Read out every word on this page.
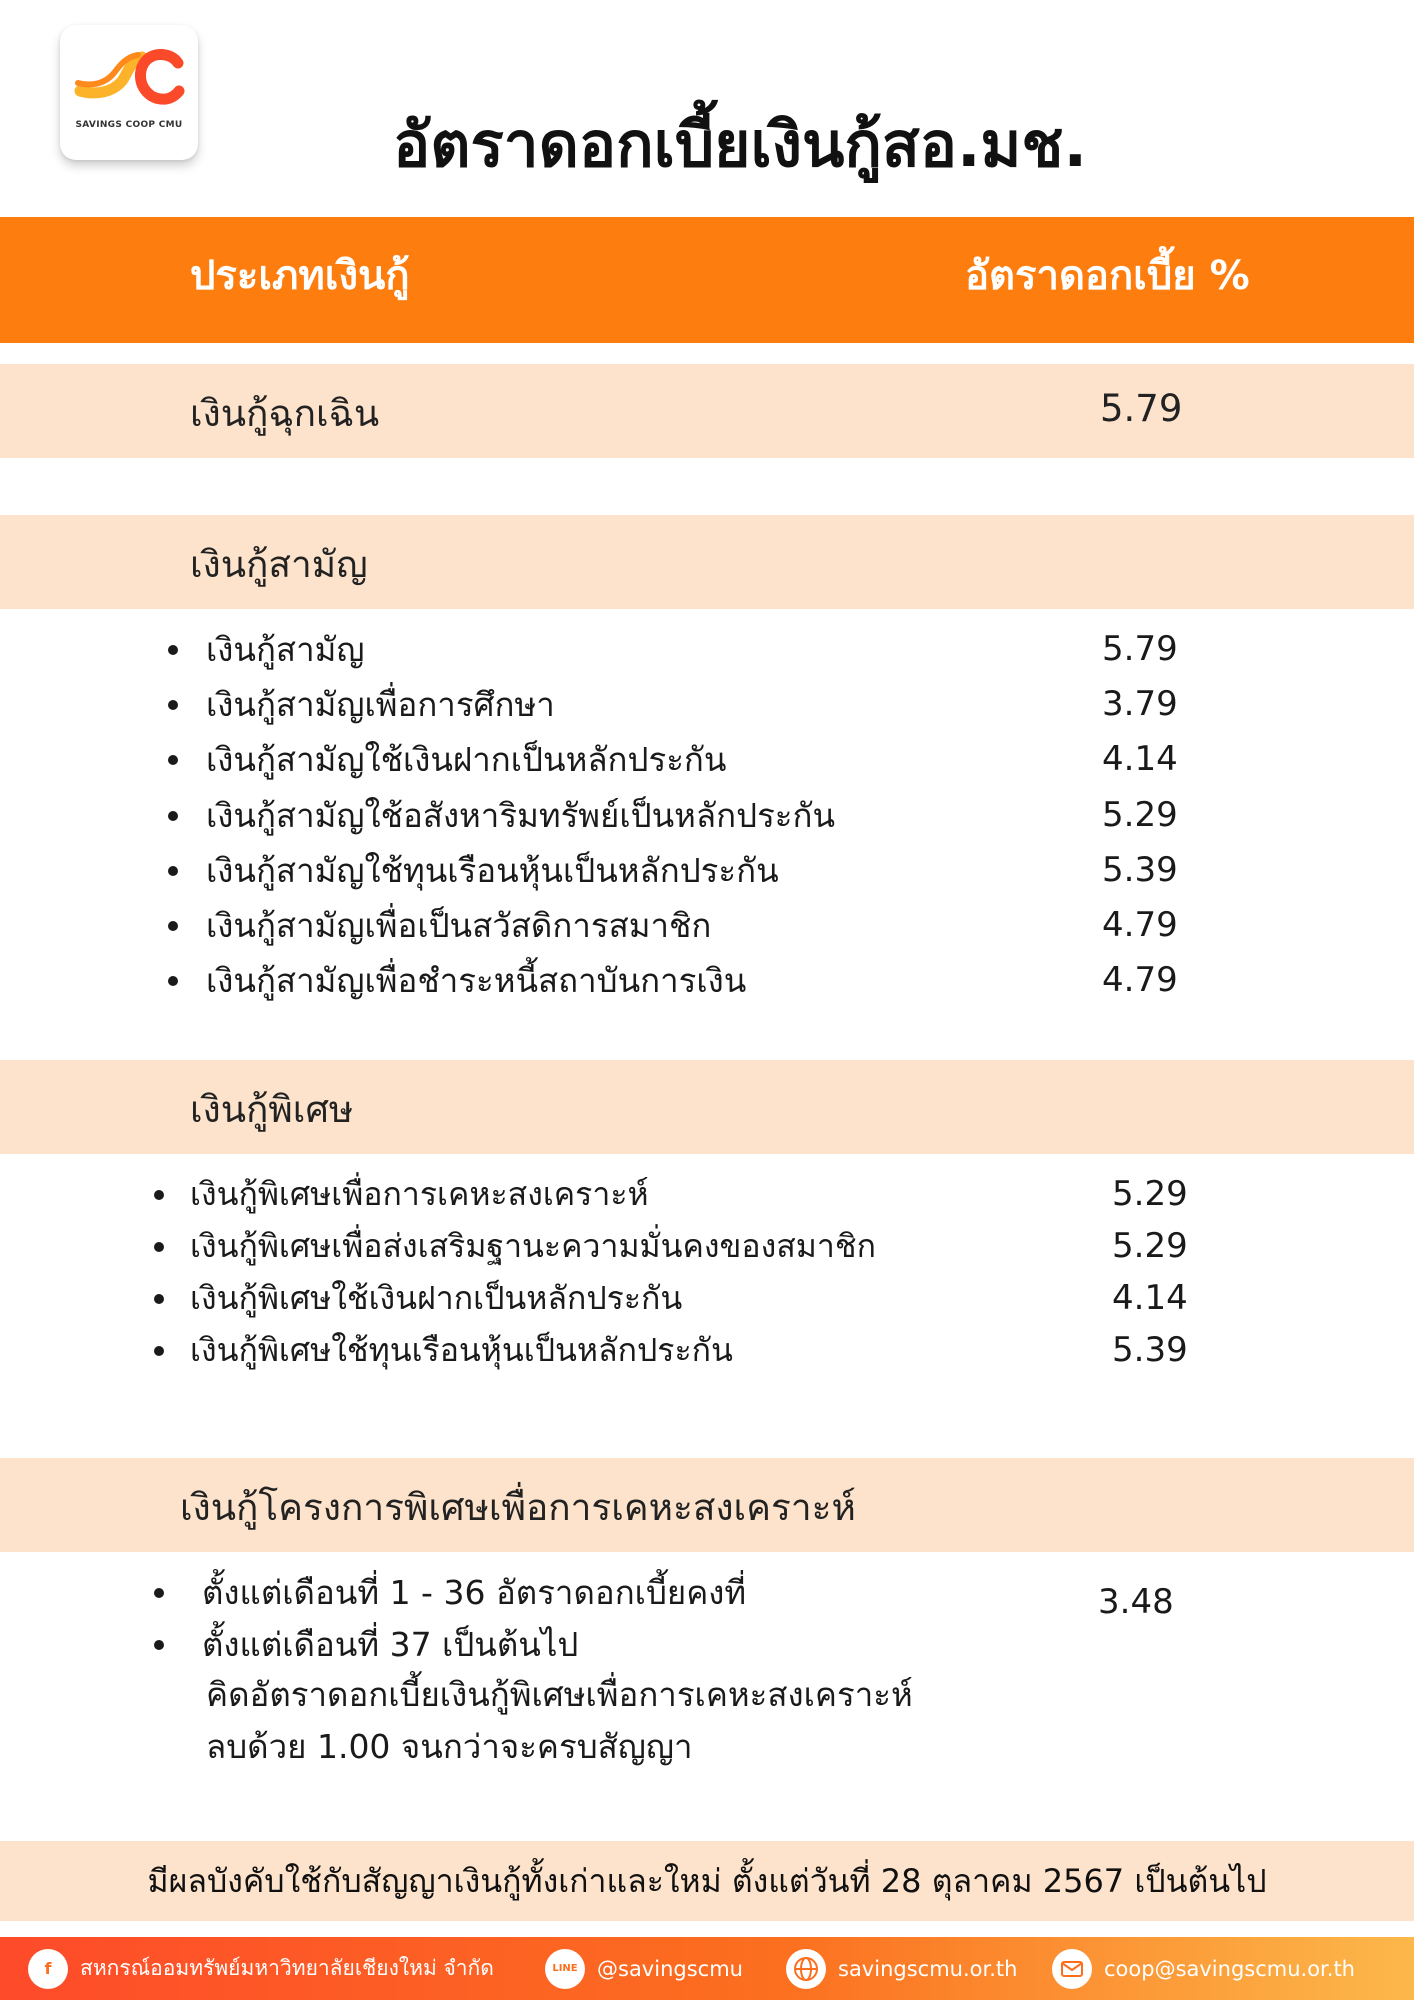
SAVINGS COOP CMU	อัตราดอกเบี้ยเงินกู้สอ.มช.
ประเภทเงินกู้	อัตราดอกเบี้ย %
เงินกู้ฉุกเฉิน	5.79
เงินกู้สามัญ
เงินกู้สามัญ	5.79
เงินกู้สามัญเพื่อการศึกษา	3.79
เงินกู้สามัญใช้เงินฝากเป็นหลักประกัน	4.14
เงินกู้สามัญใช้อสังหาริมทรัพย์เป็นหลักประกัน	5.29
เงินกู้สามัญใช้ทุนเรือนหุ้นเป็นหลักประกัน	5.39
เงินกู้สามัญเพื่อเป็นสวัสดิการสมาชิก	4.79
เงินกู้สามัญเพื่อชำระหนี้สถาบันการเงิน	4.79
เงินกู้พิเศษ
เงินกู้พิเศษเพื่อการเคหะสงเคราะห์	5.29
เงินกู้พิเศษเพื่อส่งเสริมฐานะความมั่นคงของสมาชิก	5.29
เงินกู้พิเศษใช้เงินฝากเป็นหลักประกัน	4.14
เงินกู้พิเศษใช้ทุนเรือนหุ้นเป็นหลักประกัน	5.39
เงินกู้โครงการพิเศษเพื่อการเคหะสงเคราะห์
ตั้งแต่เดือนที่ 1 - 36 อัตราดอกเบี้ยคงที่	3.48
ตั้งแต่เดือนที่ 37 เป็นต้นไป
คิดอัตราดอกเบี้ยเงินกู้พิเศษเพื่อการเคหะสงเคราะห์
ลบด้วย 1.00 จนกว่าจะครบสัญญา
มีผลบังคับใช้กับสัญญาเงินกู้ทั้งเก่าและใหม่ ตั้งแต่วันที่ 28 ตุลาคม 2567 เป็นต้นไป
f	สหกรณ์ออมทรัพย์มหาวิทยาลัยเชียงใหม่ จำกัด	LINE @savingscmu	savingscmu.or.th	coop@savingscmu.or.th
